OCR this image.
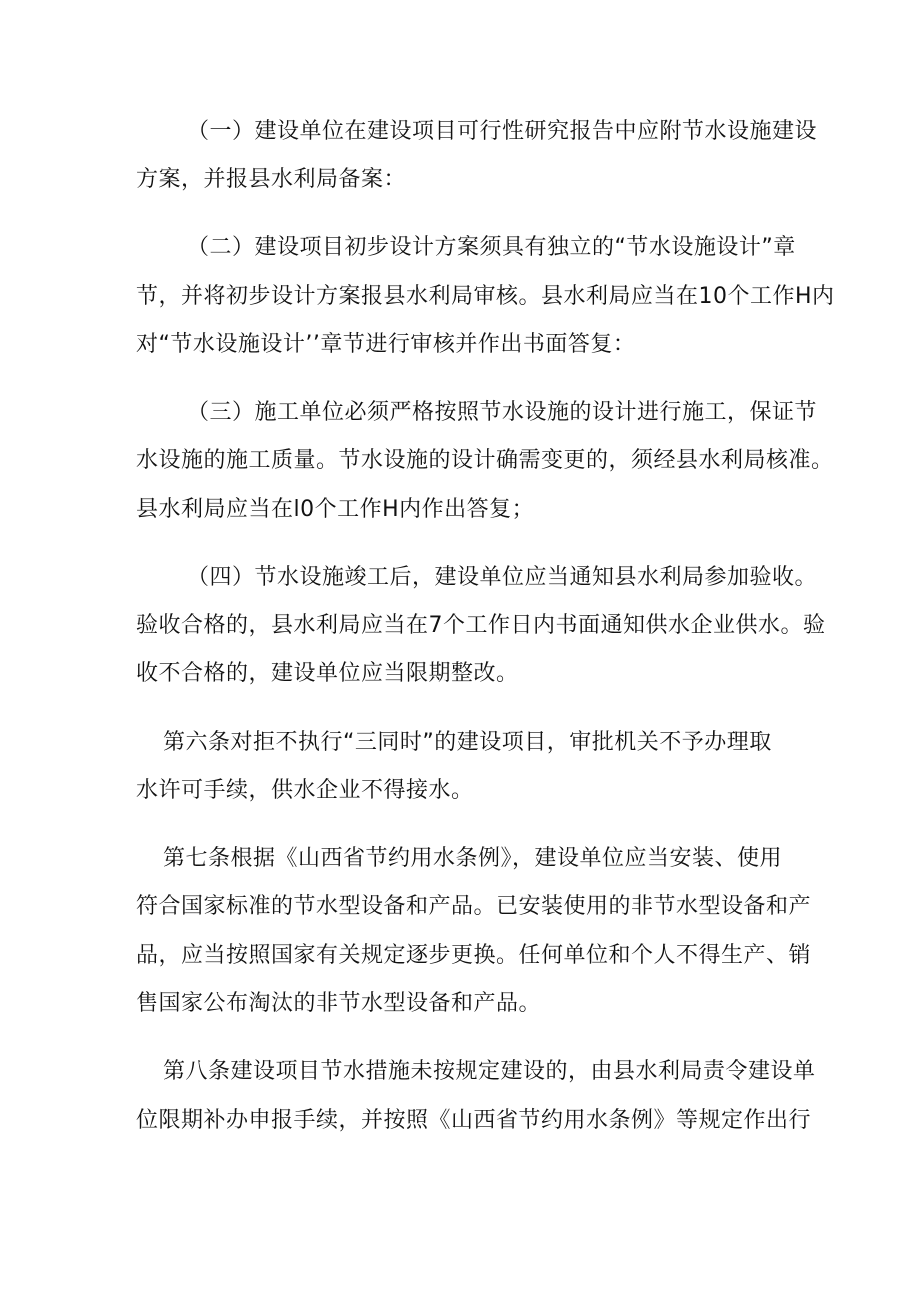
（一）建设单位在建设项目可行性研究报告中应附节水设施建设
方案，并报县水利局备案：
（二）建设项目初步设计方案须具有独立的“节水设施设计”章
节，并将初步设计方案报县水利局审核。县水利局应当在10个工作H内
对“节水设施设计’’章节进行审核并作出书面答复：
（三）施工单位必须严格按照节水设施的设计进行施工，保证节
水设施的施工质量。节水设施的设计确需变更的，须经县水利局核准。
县水利局应当在l0个工作H内作出答复；
（四）节水设施竣工后，建设单位应当通知县水利局参加验收。
验收合格的，县水利局应当在7个工作日内书面通知供水企业供水。验
收不合格的，建设单位应当限期整改。
第六条对拒不执行“三同时”的建设项目，审批机关不予办理取
水许可手续，供水企业不得接水。
第七条根据《山西省节约用水条例》，建设单位应当安装、使用
符合国家标准的节水型设备和产品。已安装使用的非节水型设备和产
品，应当按照国家有关规定逐步更换。任何单位和个人不得生产、销
售国家公布淘汰的非节水型设备和产品。
第八条建设项目节水措施未按规定建设的，由县水利局责令建设单
位限期补办申报手续，并按照《山西省节约用水条例》等规定作出行
